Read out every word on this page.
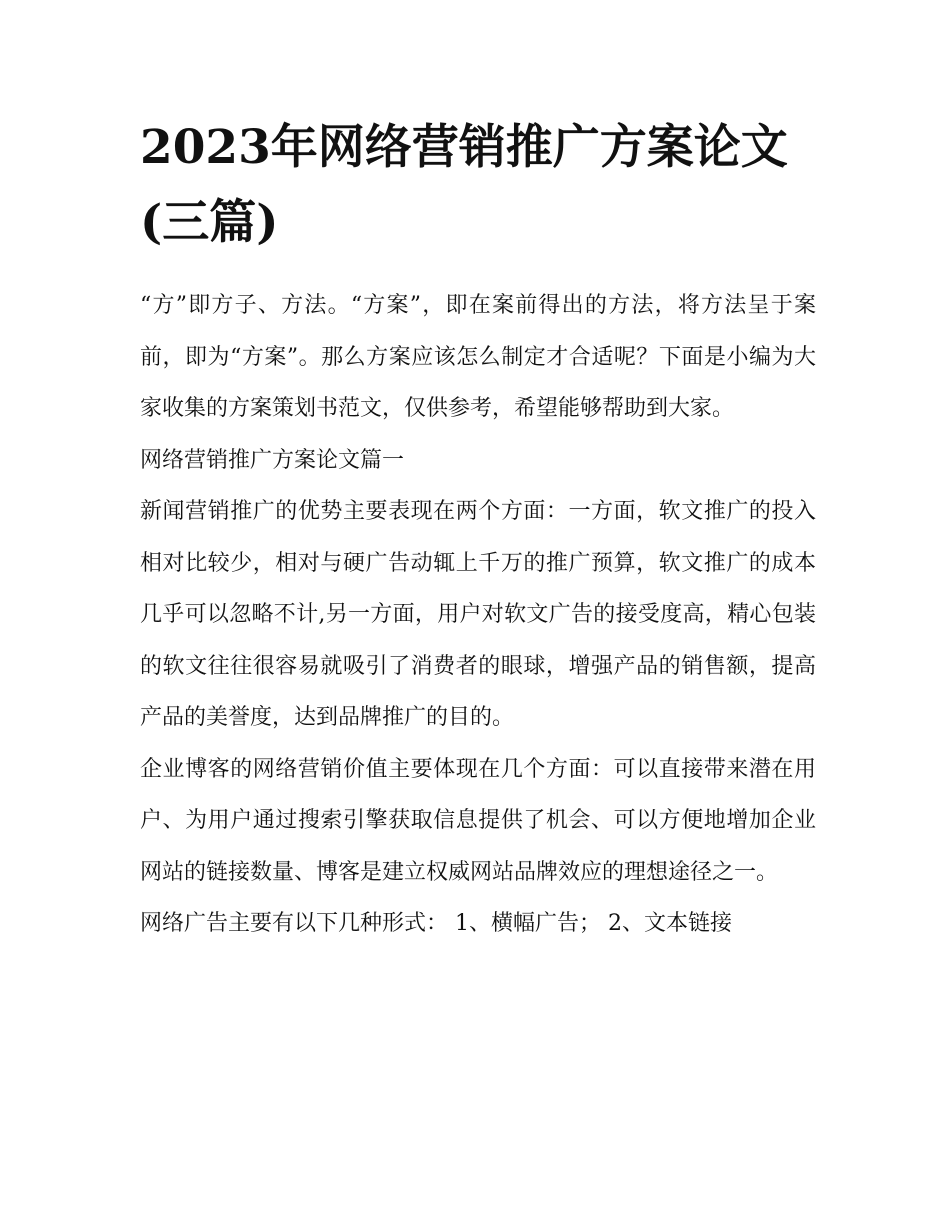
2023年网络营销推广方案论文(三篇)

“方”即方子、方法。“方案”，即在案前得出的方法，将方法呈于案前，即为“方案”。那么方案应该怎么制定才合适呢？下面是小编为大家收集的方案策划书范文，仅供参考，希望能够帮助到大家。

网络营销推广方案论文篇一

新闻营销推广的优势主要表现在两个方面：一方面，软文推广的投入相对比较少，相对与硬广告动辄上千万的推广预算，软文推广的成本几乎可以忽略不计,另一方面，用户对软文广告的接受度高，精心包装的软文往往很容易就吸引了消费者的眼球，增强产品的销售额，提高产品的美誉度，达到品牌推广的目的。

企业博客的网络营销价值主要体现在几个方面：可以直接带来潜在用户、为用户通过搜索引擎获取信息提供了机会、可以方便地增加企业网站的链接数量、博客是建立权威网站品牌效应的理想途径之一。

网络广告主要有以下几种形式： 1、横幅广告； 2、文本链接
